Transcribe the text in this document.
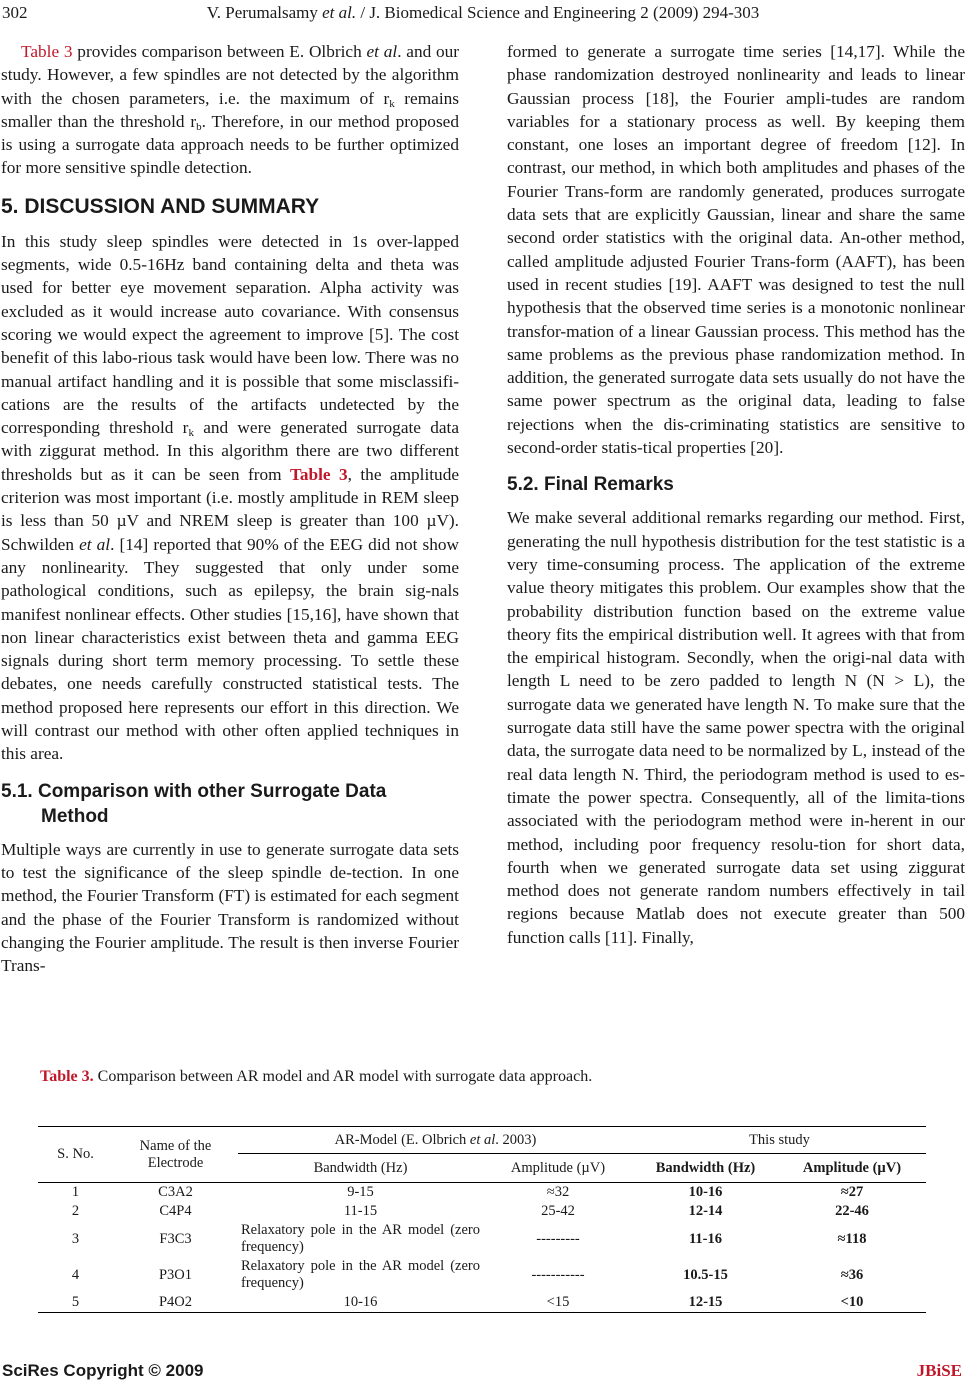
302	V. Perumalsamy et al. / J. Biomedical Science and Engineering 2 (2009) 294-303

Table 3 provides comparison between E. Olbrich et al. and our study. However, a few spindles are not detected by the algorithm with the chosen parameters, i.e. the maximum of $r_k$ remains smaller than the threshold $r_b$. Therefore, in our method proposed is using a surrogate data approach needs to be further optimized for more sensitive spindle detection.

5. DISCUSSION AND SUMMARY

In this study sleep spindles were detected in 1s over-lapped segments, wide 0.5-16Hz band containing delta and theta was used for better eye movement separation. Alpha activity was excluded as it would increase auto covariance. With consensus scoring we would expect the agreement to improve [5]. The cost benefit of this labo-rious task would have been low. There was no manual artifact handling and it is possible that some misclassifi-cations are the results of the artifacts undetected by the corresponding threshold $r_k$ and were generated surrogate data with ziggurat method. In this algorithm there are two different thresholds but as it can be seen from Table 3, the amplitude criterion was most important (i.e. mostly amplitude in REM sleep is less than 50 µV and NREM sleep is greater than 100 µV). Schwilden et al. [14] reported that 90% of the EEG did not show any nonlinearity. They suggested that only under some pathological conditions, such as epilepsy, the brain sig-nals manifest nonlinear effects. Other studies [15,16], have shown that non linear characteristics exist between theta and gamma EEG signals during short term memory processing. To settle these debates, one needs carefully constructed statistical tests. The method proposed here represents our effort in this direction. We will contrast our method with other often applied techniques in this area.

5.1. Comparison with other Surrogate Data
Method

Multiple ways are currently in use to generate surrogate data sets to test the significance of the sleep spindle de-tection. In one method, the Fourier Transform (FT) is estimated for each segment and the phase of the Fourier Transform is randomized without changing the Fourier amplitude. The result is then inverse Fourier Trans-

formed to generate a surrogate time series [14,17]. While the phase randomization destroyed nonlinearity and leads to linear Gaussian process [18], the Fourier ampli-tudes are random variables for a stationary process as well. By keeping them constant, one loses an important degree of freedom [12]. In contrast, our method, in which both amplitudes and phases of the Fourier Trans-form are randomly generated, produces surrogate data sets that are explicitly Gaussian, linear and share the same second order statistics with the original data. An-other method, called amplitude adjusted Fourier Trans-form (AAFT), has been used in recent studies [19]. AAFT was designed to test the null hypothesis that the observed time series is a monotonic nonlinear transfor-mation of a linear Gaussian process. This method has the same problems as the previous phase randomization method. In addition, the generated surrogate data sets usually do not have the same power spectrum as the original data, leading to false rejections when the dis-criminating statistics are sensitive to second-order statis-tical properties [20].

5.2. Final Remarks

We make several additional remarks regarding our method. First, generating the null hypothesis distribution for the test statistic is a very time-consuming process. The application of the extreme value theory mitigates this problem. Our examples show that the probability distribution function based on the extreme value theory fits the empirical distribution well. It agrees with that from the empirical histogram. Secondly, when the origi-nal data with length L need to be zero padded to length N (N > L), the surrogate data we generated have length N. To make sure that the surrogate data still have the same power spectra with the original data, the surrogate data need to be normalized by L, instead of the real data length N. Third, the periodogram method is used to es-timate the power spectra. Consequently, all of the limita-tions associated with the periodogram method were in-herent in our method, including poor frequency resolu-tion for short data, fourth when we generated surrogate data set using ziggurat method does not generate random numbers effectively in tail regions because Matlab does not execute greater than 500 function calls [11]. Finally,

Table 3. Comparison between AR model and AR model with surrogate data approach.
S. No.	Name of the Electrode	AR-Model (E. Olbrich et al. 2003)		This study	
		Bandwidth (Hz)	Amplitude (µV)	Bandwidth (Hz)	Amplitude (µV)
1	C3A2	9-15	≈32	10-16	≈27
2	C4P4	11-15	25-42	12-14	22-46
3	F3C3	Relaxatory pole in the AR model (zero frequency)	---------	11-16	≈118
4	P3O1	Relaxatory pole in the AR model (zero frequency)	-----------	10.5-15	≈36
5	P4O2	10-16	<15	12-15	<10
SciRes Copyright © 2009	JBiSE
